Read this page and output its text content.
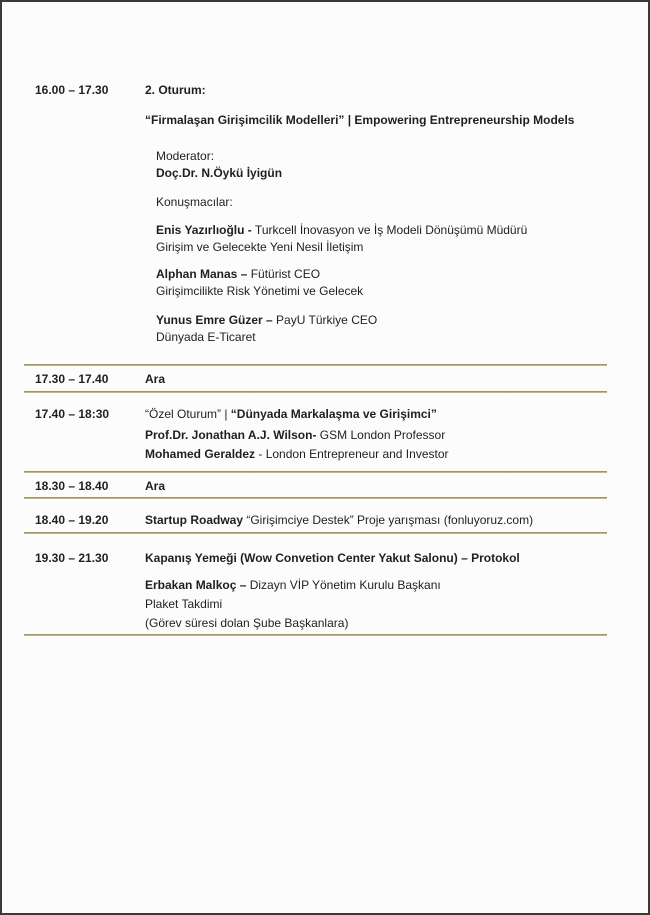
16.00 – 17.30	2. Oturum:
“Firmalaşan Girişimcilik Modelleri” | Empowering Entrepreneurship Models
Moderator:
Doç.Dr. N.Öykü İyigün
Konuşmacılar:
Enis Yazırlıoğlu - Turkcell İnovasyon ve İş Modeli Dönüşümü Müdürü
Girişim ve Gelecekte Yeni Nesil İletişim
Alphan Manas – Fütürist CEO
Girişimcilikte Risk Yönetimi ve Gelecek
Yunus Emre Güzer – PayU Türkiye CEO
Dünyada E-Ticaret
17.30 – 17.40	Ara
17.40 – 18:30	“Özel Oturum” | “Dünyada Markalaşma ve Girişimci”
Prof.Dr. Jonathan A.J. Wilson- GSM London Professor
Mohamed Geraldez - London Entrepreneur and Investor
18.30 – 18.40	Ara
18.40 – 19.20	Startup Roadway “Girişimciye Destek” Proje yarışması (fonluyoruz.com)
19.30 – 21.30	Kapanış Yemeği (Wow Convetion Center Yakut Salonu) – Protokol
Erbakan Malkoç – Dizayn VİP Yönetim Kurulu Başkanı
Plaket Takdimi
(Görev süresi dolan Şube Başkanlara)
